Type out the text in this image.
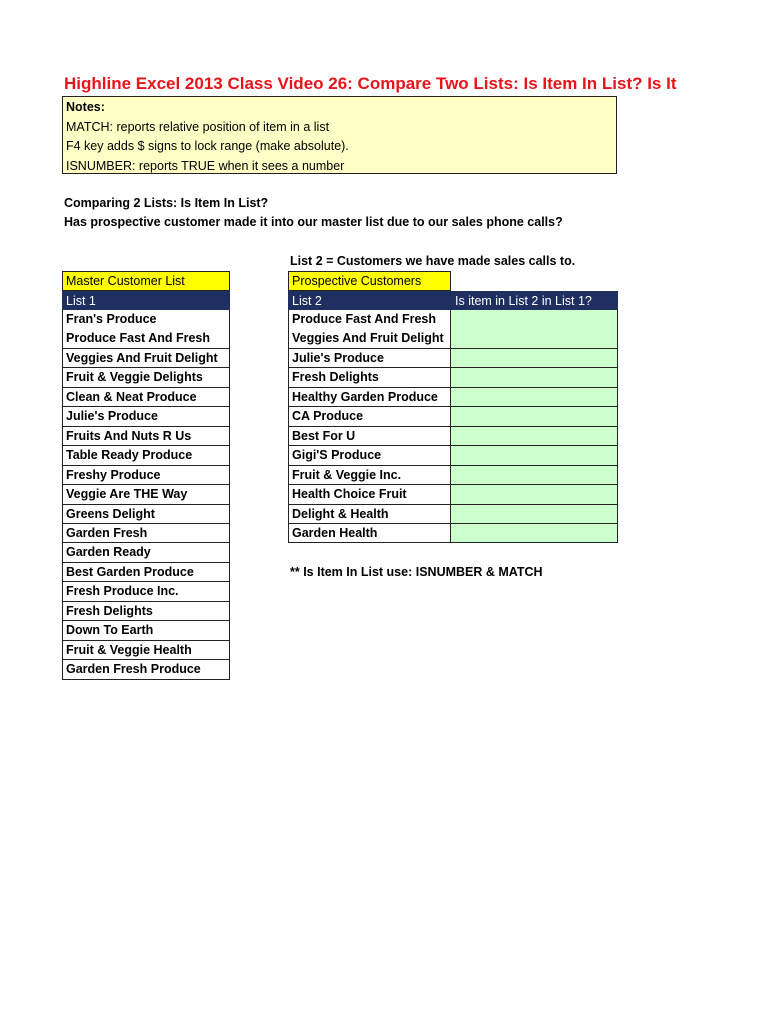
Highline Excel 2013 Class Video 26: Compare Two Lists: Is Item In List? Is It
Notes:
MATCH: reports relative position of item in a list
F4 key adds $ signs to lock range (make absolute).
ISNUMBER: reports TRUE when it sees a number
Comparing 2 Lists: Is Item In List?
Has prospective customer made it into our master list due to our sales phone calls?
List 2 = Customers we have made sales calls to.
Master Customer List
List 1
Fran's Produce
Produce Fast And Fresh
Veggies And Fruit Delight
Fruit & Veggie Delights
Clean & Neat Produce
Julie's Produce
Fruits And Nuts R Us
Table Ready Produce
Freshy Produce
Veggie Are THE Way
Greens Delight
Garden Fresh
Garden Ready
Best Garden Produce
Fresh Produce Inc.
Fresh Delights
Down To Earth
Fruit & Veggie Health
Garden Fresh Produce
Prospective Customers
List 2	Is item in List 2 in List 1?
Produce Fast And Fresh
Veggies And Fruit Delight
Julie's Produce
Fresh Delights
Healthy Garden Produce
CA Produce
Best For U
Gigi'S Produce
Fruit & Veggie Inc.
Health Choice Fruit
Delight & Health
Garden Health
** Is Item In List use: ISNUMBER & MATCH
